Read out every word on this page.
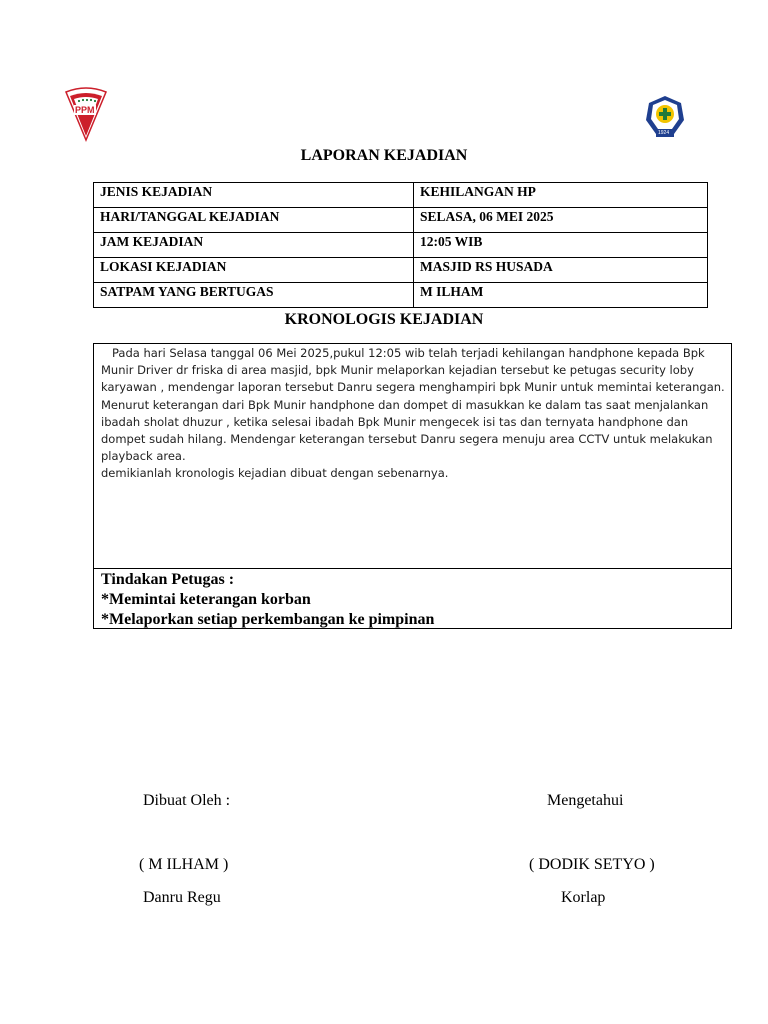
PPM
1924
LAPORAN KEJADIAN
JENIS KEJADIAN	KEHILANGAN HP
HARI/TANGGAL KEJADIAN	SELASA, 06 MEI 2025
JAM KEJADIAN	12:05 WIB
LOKASI KEJADIAN	MASJID RS HUSADA
SATPAM YANG BERTUGAS	M ILHAM
KRONOLOGIS KEJADIAN

Pada hari Selasa tanggal 06 Mei 2025,pukul 12:05 wib telah terjadi kehilangan handphone kepada Bpk Munir Driver dr friska di area masjid, bpk Munir melaporkan kejadian tersebut ke petugas security loby karyawan , mendengar laporan tersebut Danru segera menghampiri bpk Munir untuk memintai keterangan. Menurut keterangan dari Bpk Munir handphone dan dompet di masukkan ke dalam tas saat menjalankan ibadah sholat dhuzur , ketika selesai ibadah Bpk Munir mengecek isi tas dan ternyata handphone dan dompet sudah hilang. Mendengar keterangan tersebut Danru segera menuju area CCTV untuk melakukan playback area.

demikianlah kronologis kejadian dibuat dengan sebenarnya.

Tindakan Petugas :
*Memintai keterangan korban
*Melaporkan setiap perkembangan ke pimpinan
Dibuat Oleh :	Mengetahui
( M ILHAM )	( DODIK SETYO )
Danru Regu	Korlap
